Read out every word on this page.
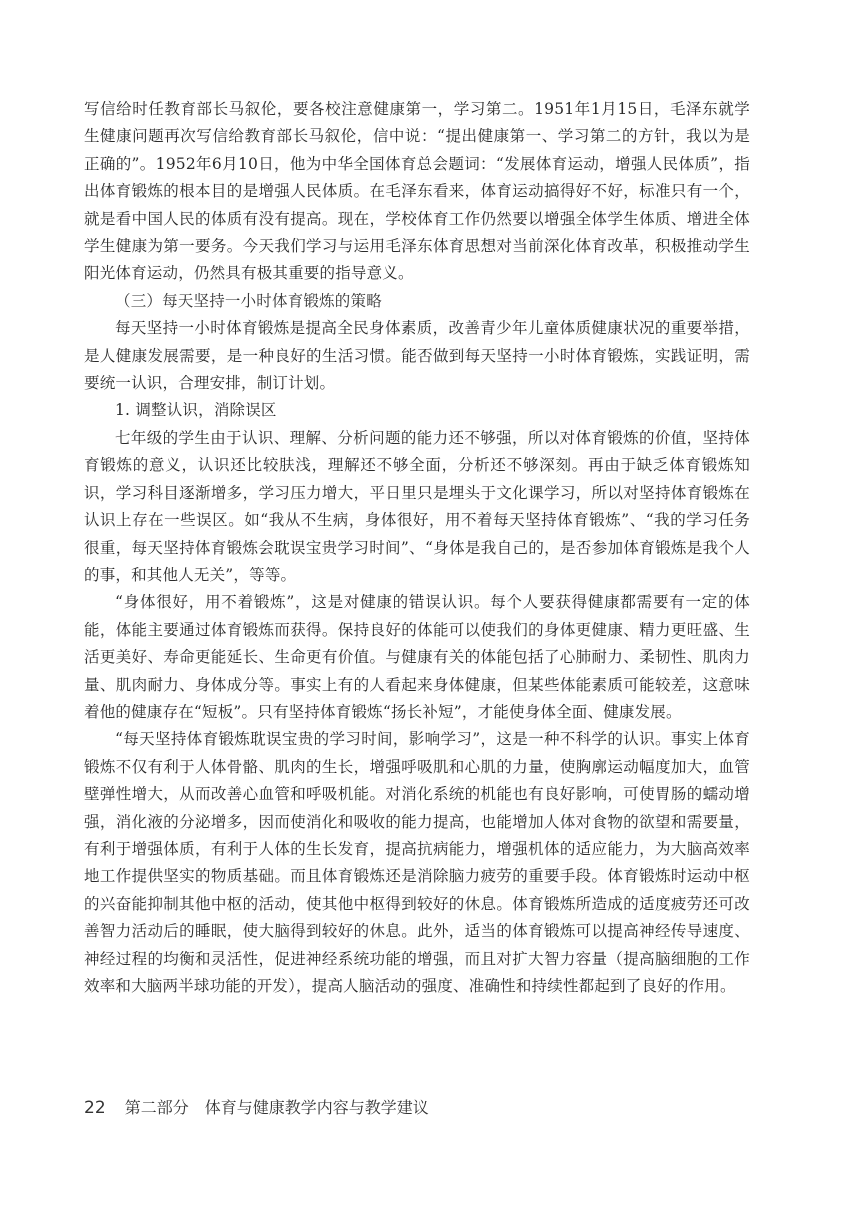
写信给时任教育部长马叙伦，要各校注意健康第一，学习第二。1951年1月15日，毛泽东就学生健康问题再次写信给教育部长马叙伦，信中说：“提出健康第一、学习第二的方针，我以为是正确的”。1952年6月10日，他为中华全国体育总会题词：“发展体育运动，增强人民体质”，指出体育锻炼的根本目的是增强人民体质。在毛泽东看来，体育运动搞得好不好，标准只有一个，就是看中国人民的体质有没有提高。现在，学校体育工作仍然要以增强全体学生体质、增进全体学生健康为第一要务。今天我们学习与运用毛泽东体育思想对当前深化体育改革，积极推动学生阳光体育运动，仍然具有极其重要的指导意义。

（三）每天坚持一小时体育锻炼的策略

每天坚持一小时体育锻炼是提高全民身体素质，改善青少年儿童体质健康状况的重要举措，是人健康发展需要，是一种良好的生活习惯。能否做到每天坚持一小时体育锻炼，实践证明，需要统一认识，合理安排，制订计划。

1. 调整认识，消除误区

七年级的学生由于认识、理解、分析问题的能力还不够强，所以对体育锻炼的价值，坚持体育锻炼的意义，认识还比较肤浅，理解还不够全面，分析还不够深刻。再由于缺乏体育锻炼知识，学习科目逐渐增多，学习压力增大，平日里只是埋头于文化课学习，所以对坚持体育锻炼在认识上存在一些误区。如“我从不生病，身体很好，用不着每天坚持体育锻炼”、“我的学习任务很重，每天坚持体育锻炼会耽误宝贵学习时间”、“身体是我自己的，是否参加体育锻炼是我个人的事，和其他人无关”，等等。

“身体很好，用不着锻炼”，这是对健康的错误认识。每个人要获得健康都需要有一定的体能，体能主要通过体育锻炼而获得。保持良好的体能可以使我们的身体更健康、精力更旺盛、生活更美好、寿命更能延长、生命更有价值。与健康有关的体能包括了心肺耐力、柔韧性、肌肉力量、肌肉耐力、身体成分等。事实上有的人看起来身体健康，但某些体能素质可能较差，这意味着他的健康存在“短板”。只有坚持体育锻炼“扬长补短”，才能使身体全面、健康发展。

“每天坚持体育锻炼耽误宝贵的学习时间，影响学习”，这是一种不科学的认识。事实上体育锻炼不仅有利于人体骨骼、肌肉的生长，增强呼吸肌和心肌的力量，使胸廓运动幅度加大，血管壁弹性增大，从而改善心血管和呼吸机能。对消化系统的机能也有良好影响，可使胃肠的蠕动增强，消化液的分泌增多，因而使消化和吸收的能力提高，也能增加人体对食物的欲望和需要量，有利于增强体质，有利于人体的生长发育，提高抗病能力，增强机体的适应能力，为大脑高效率地工作提供坚实的物质基础。而且体育锻炼还是消除脑力疲劳的重要手段。体育锻炼时运动中枢的兴奋能抑制其他中枢的活动，使其他中枢得到较好的休息。体育锻炼所造成的适度疲劳还可改善智力活动后的睡眠，使大脑得到较好的休息。此外，适当的体育锻炼可以提高神经传导速度、神经过程的均衡和灵活性，促进神经系统功能的增强，而且对扩大智力容量（提高脑细胞的工作效率和大脑两半球功能的开发），提高人脑活动的强度、准确性和持续性都起到了良好的作用。

22 第二部分　体育与健康教学内容与教学建议
